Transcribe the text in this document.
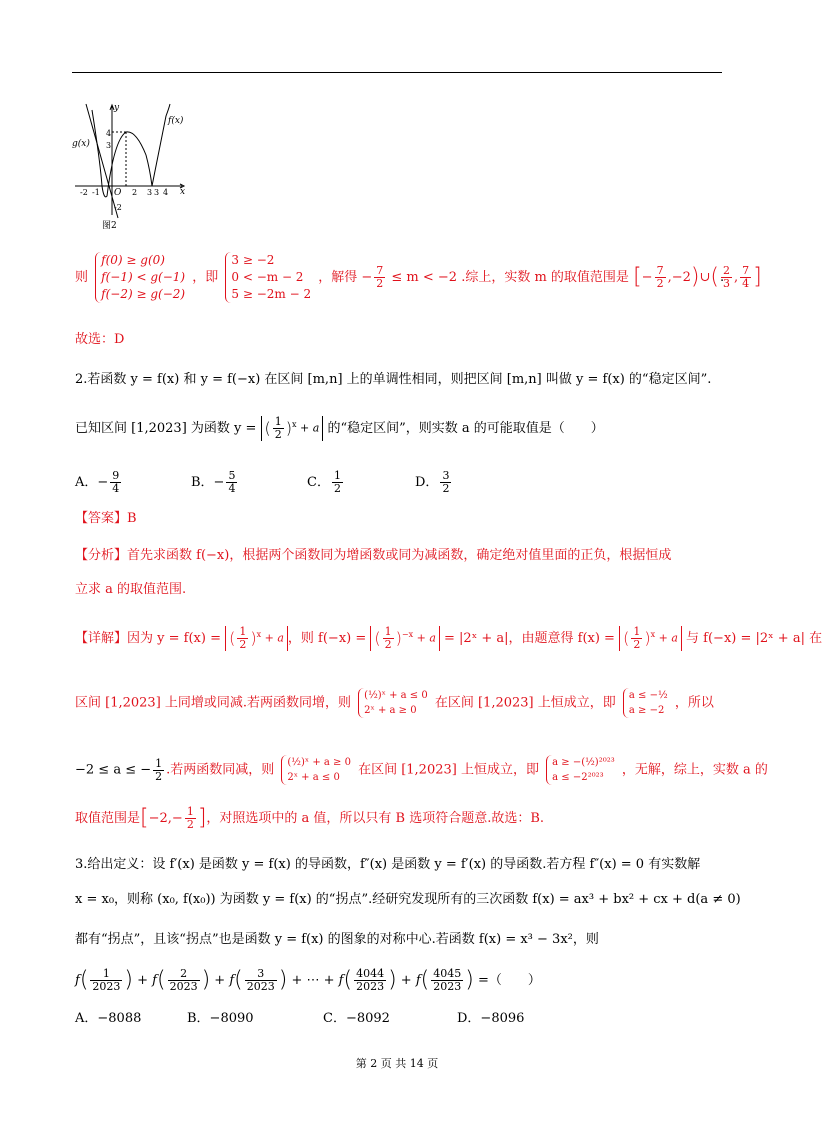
y
x
f(x)
g(x)
4
3
-2
-2 -1 O 2 3 3 4
图2
则
f(0) ≥ g(0)
f(−1) < g(−1)
f(−2) ≥ g(−2)
，即
3 ≥ −2
0 < −m − 2
5 ≥ −2m − 2
，解得 − $\frac{7}{2} \le m < -2$ .综上，实数 m 的取值范围是 [− $\frac{7}{2}$ ,−2)∪( $\frac{2}{3}$ , $\frac{7}{4}$ ]
.
故选：D
2.若函数 y = f(x) 和 y = f(−x) 在区间 [m,n] 上的单调性相同，则把区间 [m,n] 叫做 y = f(x) 的“稳定区间”.
已知区间 [1,2023] 为函数 y = ( $\frac{1}{2} )^x + a$ 的“稳定区间”，则实数 a 的可能取值是（　　）
A．− $\frac{9}{4}$	B．− $\frac{5}{4}$	C． $\frac{1}{2}$	D． $\frac{3}{2}$
【答案】B
【分析】首先求函数 f(−x)，根据两个函数同为增函数或同为减函数，确定绝对值里面的正负，根据恒成
立求 a 的取值范围.
【详解】因为 y = f(x) = ( $\frac{1}{2} )^x + a$ ，则 f(−x) = ( $\frac{1}{2} )^{-x} + a$ = |2ˣ + a|，由题意得 f(x) = ( $\frac{1}{2} )^x + a$ 与 f(−x) = |2ˣ + a| 在
区间 [1,2023] 上同增或同减.若两函数同增，则 (½)ˣ + a ≤ 0
2ˣ + a ≥ 0	在区间 [1,2023] 上恒成立，即 a ≤ −½
a ≥ −2 ，所以
−2 ≤ a ≤ − $\frac{1}{2}$ .若两函数同减，则 (½)ˣ + a ≥ 0
2ˣ + a ≤ 0	在区间 [1,2023] 上恒成立，即 a ≥ −(½)²⁰²³
a ≤ −2²⁰²³	，无解，综上，实数 a 的
取值范围是[$-2,- \frac{1}{2}$ ]，对照选项中的 a 值，所以只有 B 选项符合题意.故选：B.
3.给出定义：设 f′(x) 是函数 y = f(x) 的导函数，f″(x) 是函数 y = f′(x) 的导函数.若方程 f″(x) = 0 有实数解
x = x₀，则称 (x₀, f(x₀)) 为函数 y = f(x) 的“拐点”.经研究发现所有的三次函数 f(x) = ax³ + bx² + cx + d(a ≠ 0)
都有“拐点”，且该“拐点”也是函数 y = f(x) 的图象的对称中心.若函数 f(x) = x³ − 3x²，则
$f( \frac{1}{2023}$ ) + $f( \frac{2}{2023}$ ) + $f( \frac{3}{2023}$ ) + ⋯ + $f( \frac{4044}{2023}$ ) + $f( \frac{4045}{2023}$ ) =（　　）
A．−8088	B．−8090	C．−8092	D．−8096
第 2 页 共 14 页
